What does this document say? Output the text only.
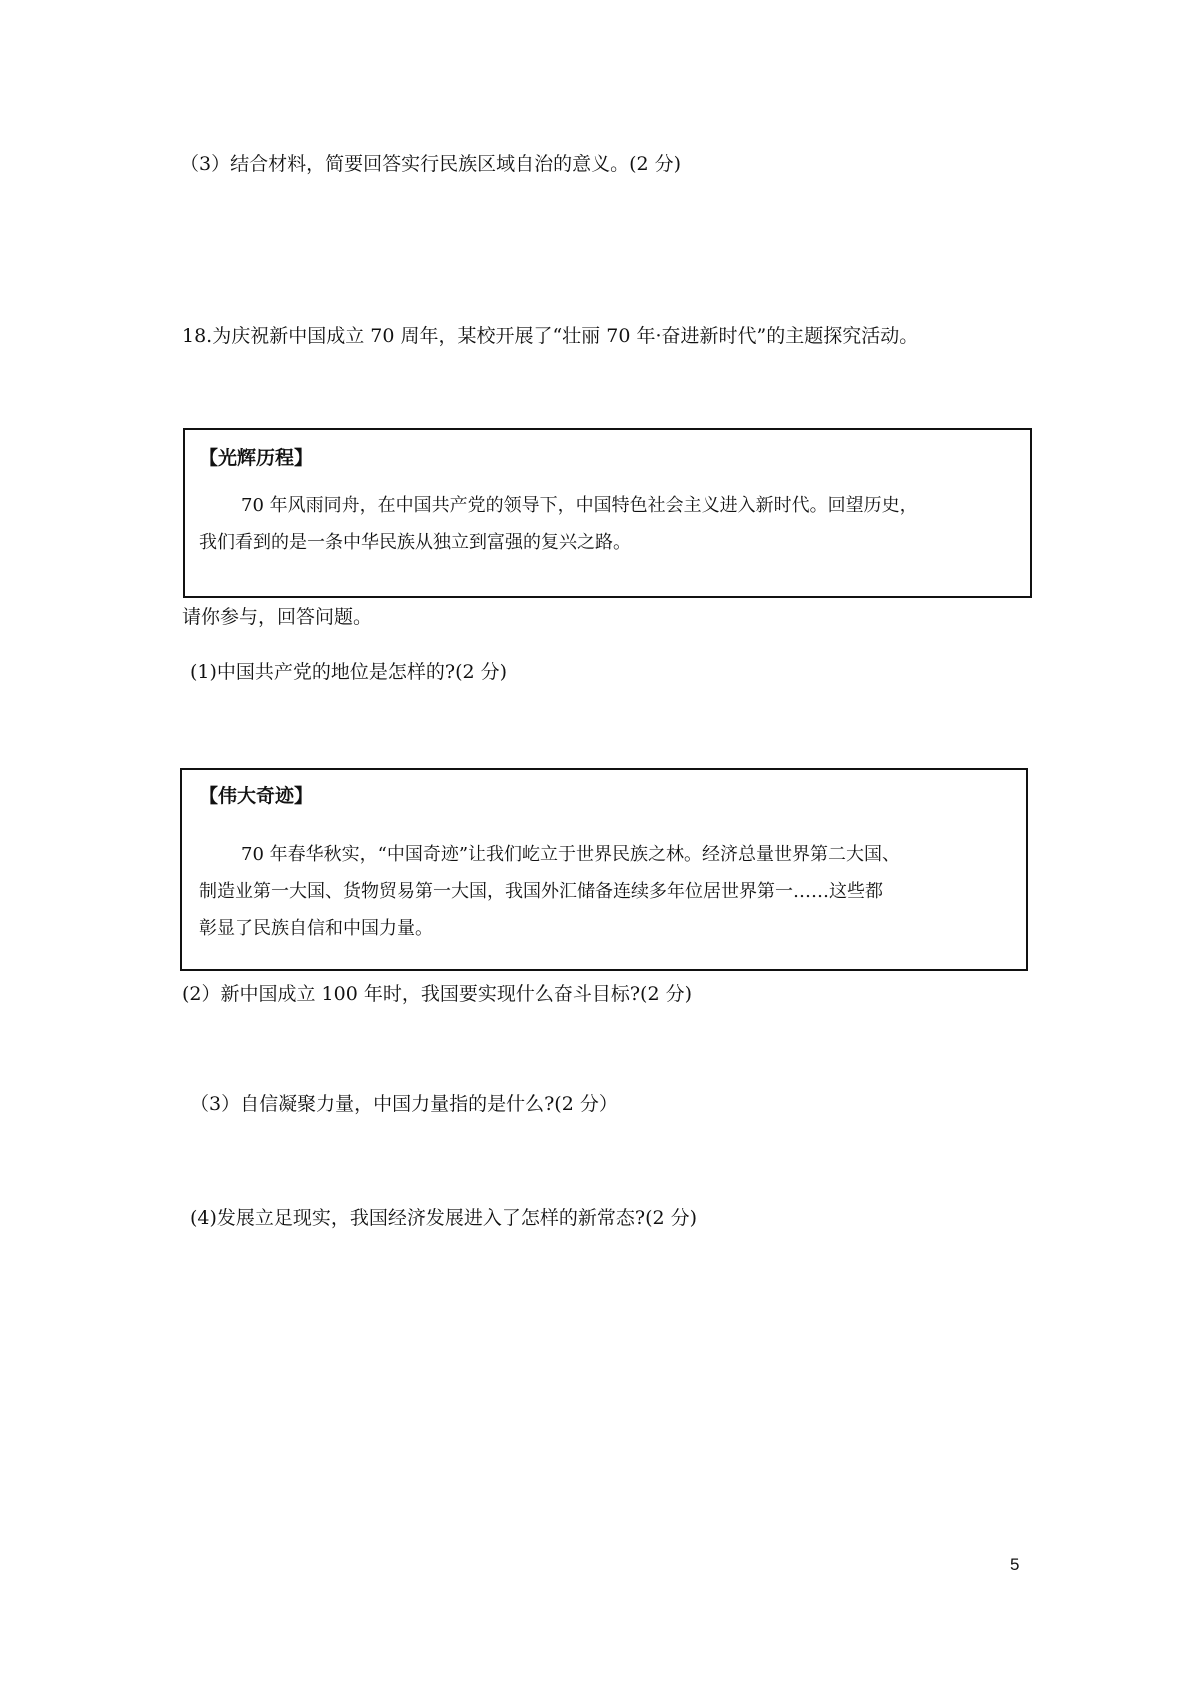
（3）结合材料，简要回答实行民族区域自治的意义。(2 分)
18.为庆祝新中国成立 70 周年，某校开展了“壮丽 70 年·奋进新时代”的主题探究活动。
【光辉历程】
70 年风雨同舟，在中国共产党的领导下，中国特色社会主义进入新时代。回望历史，
我们看到的是一条中华民族从独立到富强的复兴之路。
请你参与，回答问题。
(1)中国共产党的地位是怎样的?(2 分)
【伟大奇迹】
70 年春华秋实，“中国奇迹”让我们屹立于世界民族之林。经济总量世界第二大国、
制造业第一大国、货物贸易第一大国，我国外汇储备连续多年位居世界第一……这些都
彰显了民族自信和中国力量。
(2）新中国成立 100 年时，我国要实现什么奋斗目标?(2 分)
（3）自信凝聚力量，中国力量指的是什么?(2 分）
(4)发展立足现实，我国经济发展进入了怎样的新常态?(2 分)
5
